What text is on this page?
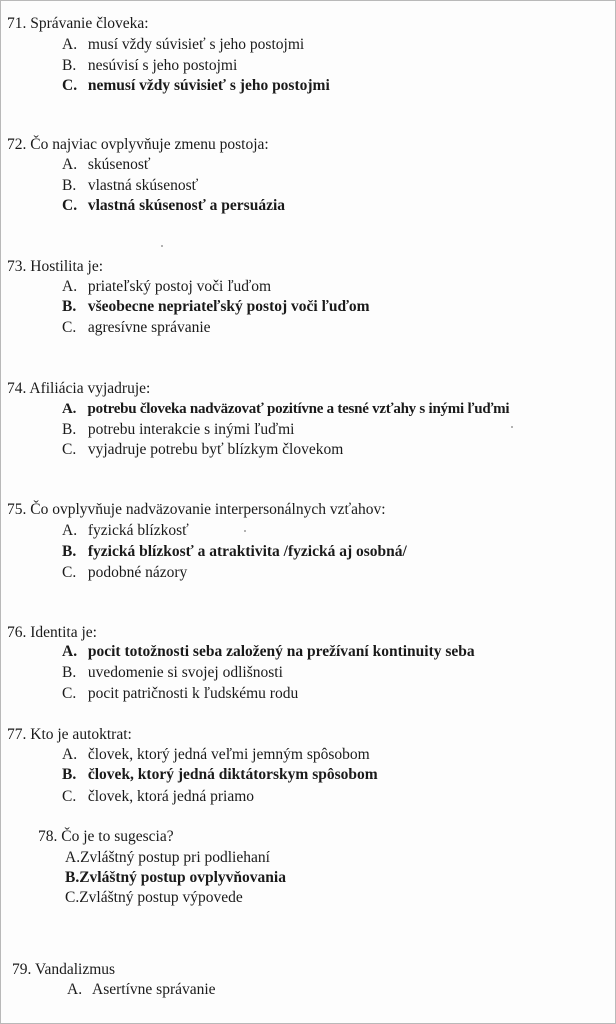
71. Správanie človeka:
A. musí vždy súvisieť s jeho postojmi
B. nesúvisí s jeho postojmi
C. nemusí vždy súvisieť s jeho postojmi
72. Čo najviac ovplyvňuje zmenu postoja:
A. skúsenosť
B. vlastná skúsenosť
C. vlastná skúsenosť a persuázia
73. Hostilita je:
A. priateľský postoj voči ľuďom
B. všeobecne nepriateľský postoj voči ľuďom
C. agresívne správanie
74. Afiliácia vyjadruje:
A. potrebu človeka nadväzovať pozitívne a tesné vzťahy s inými ľuďmi
B. potrebu interakcie s inými ľuďmi
C. vyjadruje potrebu byť blízkym človekom
75. Čo ovplyvňuje nadväzovanie interpersonálnych vzťahov:
A. fyzická blízkosť
B. fyzická blízkosť a atraktivita /fyzická aj osobná/
C. podobné názory
76. Identita je:
A. pocit totožnosti seba založený na prežívaní kontinuity seba
B. uvedomenie si svojej odlišnosti
C. pocit patričnosti k ľudskému rodu
77. Kto je autoktrat:
A. človek, ktorý jedná veľmi jemným spôsobom
B. človek, ktorý jedná diktátorskym spôsobom
C. človek, ktorá jedná priamo
78. Čo je to sugescia?
A.Zvláštný postup pri podliehaní
B.Zvláštný postup ovplyvňovania
C.Zvláštný postup výpovede
79. Vandalizmus
A. Asertívne správanie
